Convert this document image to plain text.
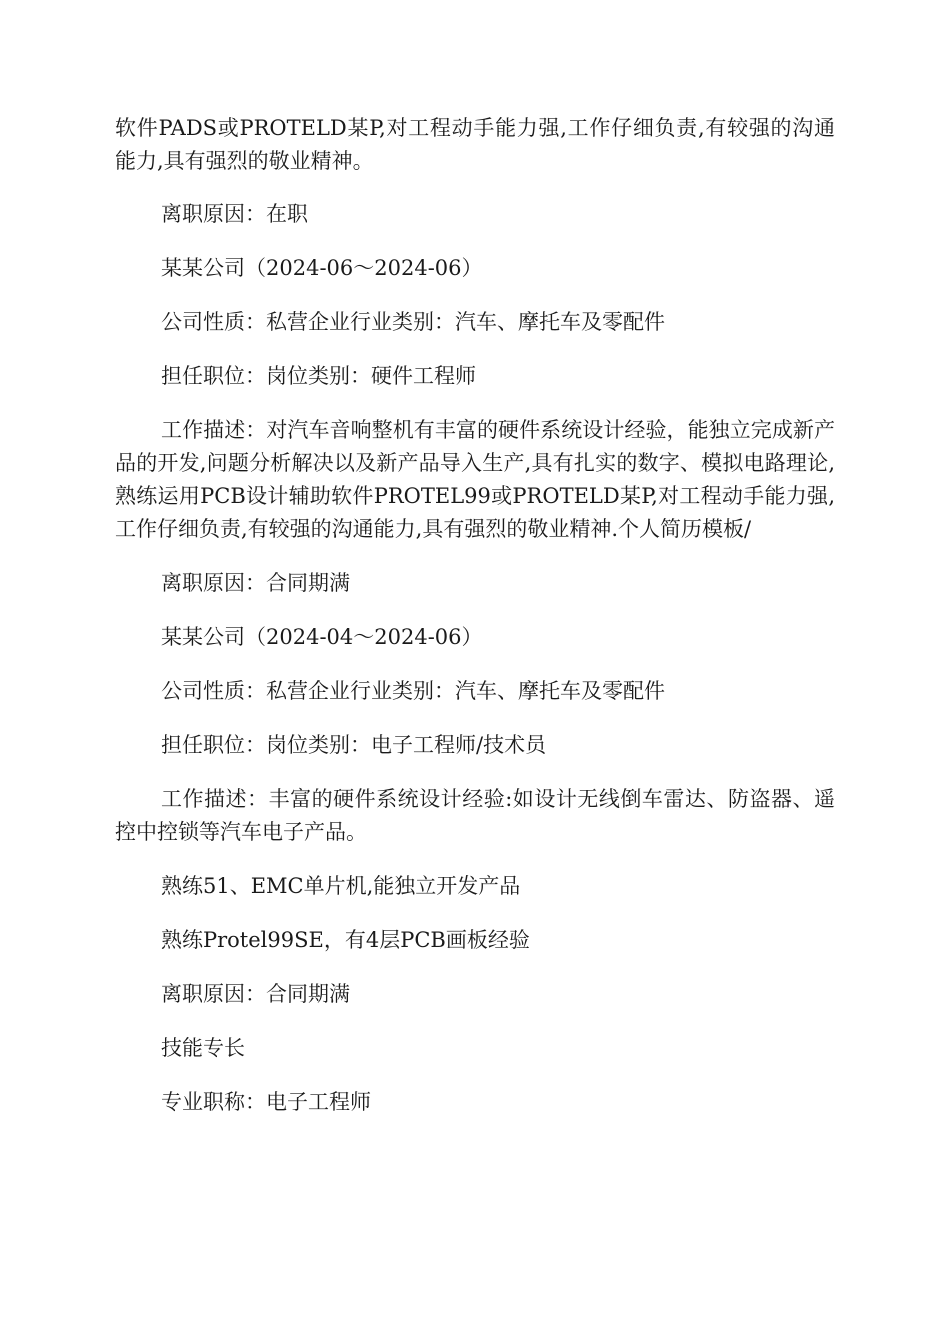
软件PADS或PROTELD某P,对工程动手能力强,工作仔细负责,有较强的沟通能力,具有强烈的敬业精神。

离职原因：在职

某某公司（2024-06～2024-06）

公司性质：私营企业行业类别：汽车、摩托车及零配件

担任职位：岗位类别：硬件工程师

工作描述：对汽车音响整机有丰富的硬件系统设计经验，能独立完成新产品的开发,问题分析解决以及新产品导入生产,具有扎实的数字、模拟电路理论,熟练运用PCB设计辅助软件PROTEL99或PROTELD某P,对工程动手能力强,工作仔细负责,有较强的沟通能力,具有强烈的敬业精神.个人简历模板/

离职原因：合同期满

某某公司（2024-04～2024-06）

公司性质：私营企业行业类别：汽车、摩托车及零配件

担任职位：岗位类别：电子工程师/技术员

工作描述：丰富的硬件系统设计经验:如设计无线倒车雷达、防盗器、遥控中控锁等汽车电子产品。

熟练51、EMC单片机,能独立开发产品

熟练Protel99SE，有4层PCB画板经验

离职原因：合同期满

技能专长

专业职称：电子工程师
